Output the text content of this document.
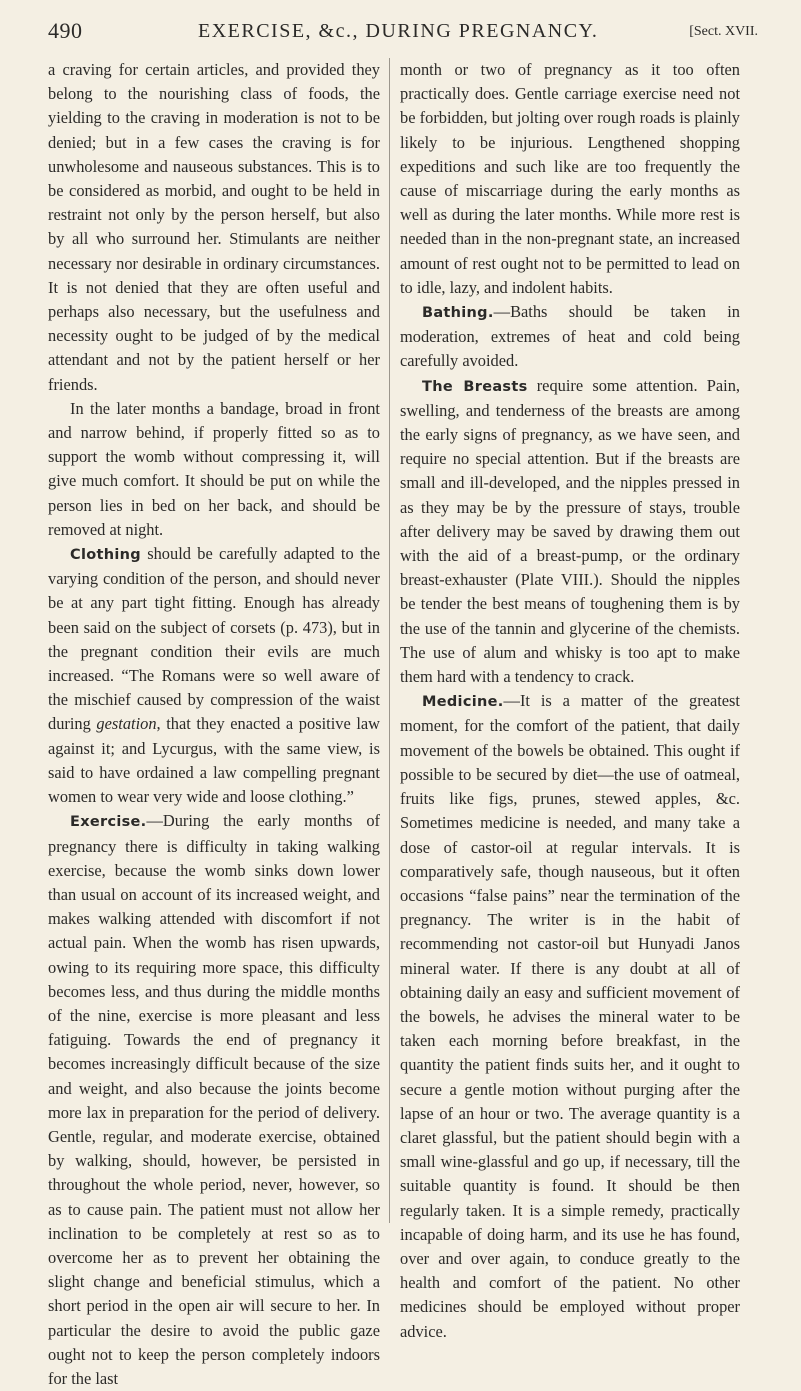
490	EXERCISE, &c., DURING PREGNANCY.	[Sect. XVII.

a craving for certain articles, and provided they belong to the nourishing class of foods, the yielding to the craving in moderation is not to be denied; but in a few cases the craving is for unwholesome and nauseous substances. This is to be considered as morbid, and ought to be held in restraint not only by the person herself, but also by all who surround her. Stimulants are neither necessary nor desirable in ordinary circumstances. It is not denied that they are often useful and perhaps also necessary, but the usefulness and necessity ought to be judged of by the medical attendant and not by the patient herself or her friends.

In the later months a bandage, broad in front and narrow behind, if properly fitted so as to support the womb without compressing it, will give much comfort. It should be put on while the person lies in bed on her back, and should be removed at night.

Clothing should be carefully adapted to the varying condition of the person, and should never be at any part tight fitting. Enough has already been said on the subject of corsets (p. 473), but in the pregnant condition their evils are much increased. “The Romans were so well aware of the mischief caused by compression of the waist during gestation, that they enacted a positive law against it; and Lycurgus, with the same view, is said to have ordained a law compelling pregnant women to wear very wide and loose clothing.”

Exercise.—During the early months of pregnancy there is difficulty in taking walking exercise, because the womb sinks down lower than usual on account of its increased weight, and makes walking attended with discomfort if not actual pain. When the womb has risen upwards, owing to its requiring more space, this difficulty becomes less, and thus during the middle months of the nine, exercise is more pleasant and less fatiguing. Towards the end of pregnancy it becomes increasingly difficult because of the size and weight, and also because the joints become more lax in preparation for the period of delivery. Gentle, regular, and moderate exercise, obtained by walking, should, however, be persisted in throughout the whole period, never, however, so as to cause pain. The patient must not allow her inclination to be completely at rest so as to overcome her as to prevent her obtaining the slight change and beneficial stimulus, which a short period in the open air will secure to her. In particular the desire to avoid the public gaze ought not to keep the person completely indoors for the last

month or two of pregnancy as it too often practically does. Gentle carriage exercise need not be forbidden, but jolting over rough roads is plainly likely to be injurious. Lengthened shopping expeditions and such like are too frequently the cause of miscarriage during the early months as well as during the later months. While more rest is needed than in the non-pregnant state, an increased amount of rest ought not to be permitted to lead on to idle, lazy, and indolent habits.

Bathing.—Baths should be taken in moderation, extremes of heat and cold being carefully avoided.

The Breasts require some attention. Pain, swelling, and tenderness of the breasts are among the early signs of pregnancy, as we have seen, and require no special attention. But if the breasts are small and ill-developed, and the nipples pressed in as they may be by the pressure of stays, trouble after delivery may be saved by drawing them out with the aid of a breast-pump, or the ordinary breast-exhauster (Plate VIII.). Should the nipples be tender the best means of toughening them is by the use of the tannin and glycerine of the chemists. The use of alum and whisky is too apt to make them hard with a tendency to crack.

Medicine.—It is a matter of the greatest moment, for the comfort of the patient, that daily movement of the bowels be obtained. This ought if possible to be secured by diet—the use of oatmeal, fruits like figs, prunes, stewed apples, &c. Sometimes medicine is needed, and many take a dose of castor-oil at regular intervals. It is comparatively safe, though nauseous, but it often occasions “false pains” near the termination of the pregnancy. The writer is in the habit of recommending not castor-oil but Hunyadi Janos mineral water. If there is any doubt at all of obtaining daily an easy and sufficient movement of the bowels, he advises the mineral water to be taken each morning before breakfast, in the quantity the patient finds suits her, and it ought to secure a gentle motion without purging after the lapse of an hour or two. The average quantity is a claret glassful, but the patient should begin with a small wine-glassful and go up, if necessary, till the suitable quantity is found. It should be then regularly taken. It is a simple remedy, practically incapable of doing harm, and its use he has found, over and over again, to conduce greatly to the health and comfort of the patient. No other medicines should be employed without proper advice.
